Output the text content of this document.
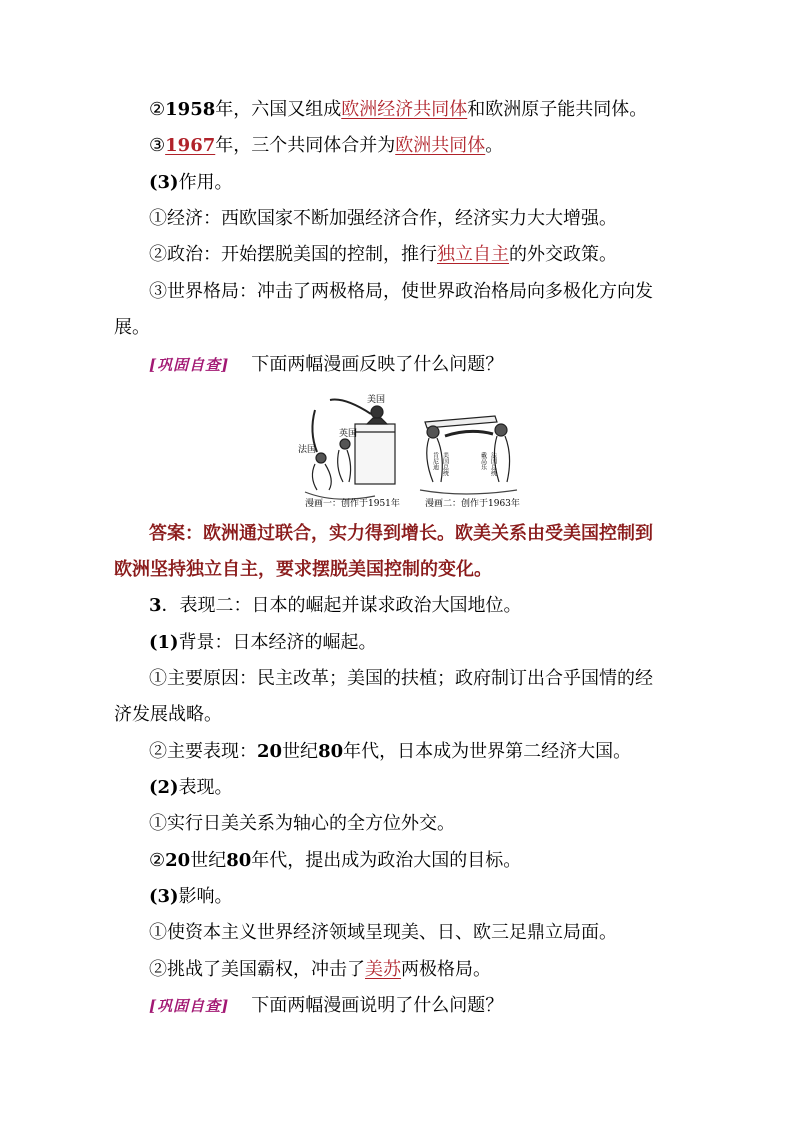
②1958年，六国又组成欧洲经济共同体和欧洲原子能共同体。
③1967年，三个共同体合并为欧洲共同体。
(3)作用。
①经济：西欧国家不断加强经济合作，经济实力大大增强。
②政治：开始摆脱美国的控制，推行独立自主的外交政策。
③世界格局：冲击了两极格局，使世界政治格局向多极化方向发
展。
[巩固自查] 下面两幅漫画反映了什么问题？
美国
英国
法国
肯尼迪 美国总统	戴高乐 法国总统
漫画一：创作于1951年	漫画二：创作于1963年
答案：欧洲通过联合，实力得到增长。欧美关系由受美国控制到
欧洲坚持独立自主，要求摆脱美国控制的变化。
3．表现二：日本的崛起并谋求政治大国地位。
(1)背景：日本经济的崛起。
①主要原因：民主改革；美国的扶植；政府制订出合乎国情的经
济发展战略。
②主要表现：20世纪80年代，日本成为世界第二经济大国。
(2)表现。
①实行日美关系为轴心的全方位外交。
②20世纪80年代，提出成为政治大国的目标。
(3)影响。
①使资本主义世界经济领域呈现美、日、欧三足鼎立局面。
②挑战了美国霸权，冲击了美苏两极格局。
[巩固自查] 下面两幅漫画说明了什么问题？
